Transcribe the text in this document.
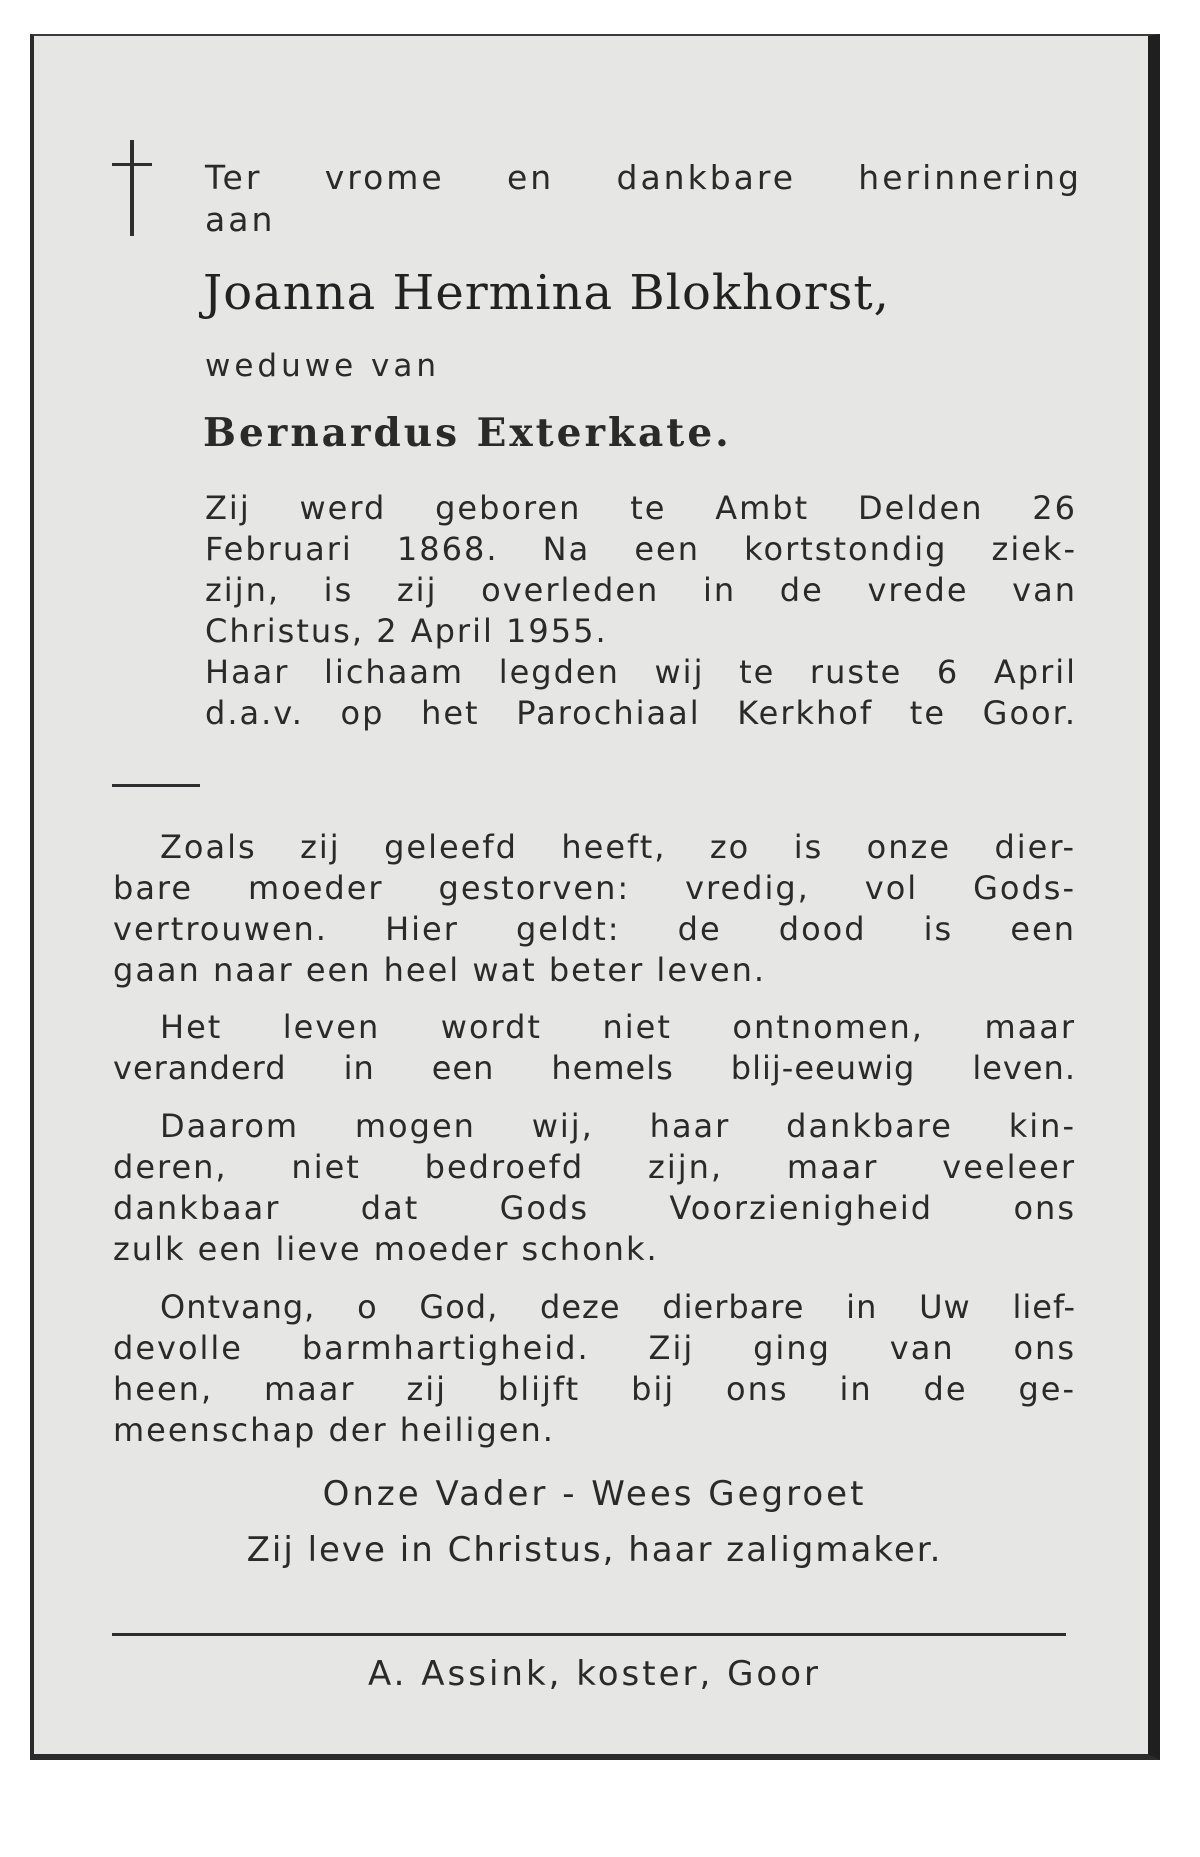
Ter vrome en dankbare herinnering
aan
Joanna Hermina Blokhorst,
weduwe van
Bernardus Exterkate.
Zij werd geboren te Ambt Delden 26
Februari 1868. Na een kortstondig ziek-
zijn, is zij overleden in de vrede van
Christus, 2 April 1955.
Haar lichaam legden wij te ruste 6 April
d.a.v. op het Parochiaal Kerkhof te Goor.
Zoals zij geleefd heeft, zo is onze dier-
bare moeder gestorven: vredig, vol Gods-
vertrouwen. Hier geldt: de dood is een
gaan naar een heel wat beter leven.
Het leven wordt niet ontnomen, maar
veranderd in een hemels blij-eeuwig leven.
Daarom mogen wij, haar dankbare kin-
deren, niet bedroefd zijn, maar veeleer
dankbaar dat Gods Voorzienigheid ons
zulk een lieve moeder schonk.
Ontvang, o God, deze dierbare in Uw lief-
devolle barmhartigheid. Zij ging van ons
heen, maar zij blijft bij ons in de ge-
meenschap der heiligen.
Onze Vader - Wees Gegroet
Zij leve in Christus, haar zaligmaker.
A. Assink, koster, Goor
